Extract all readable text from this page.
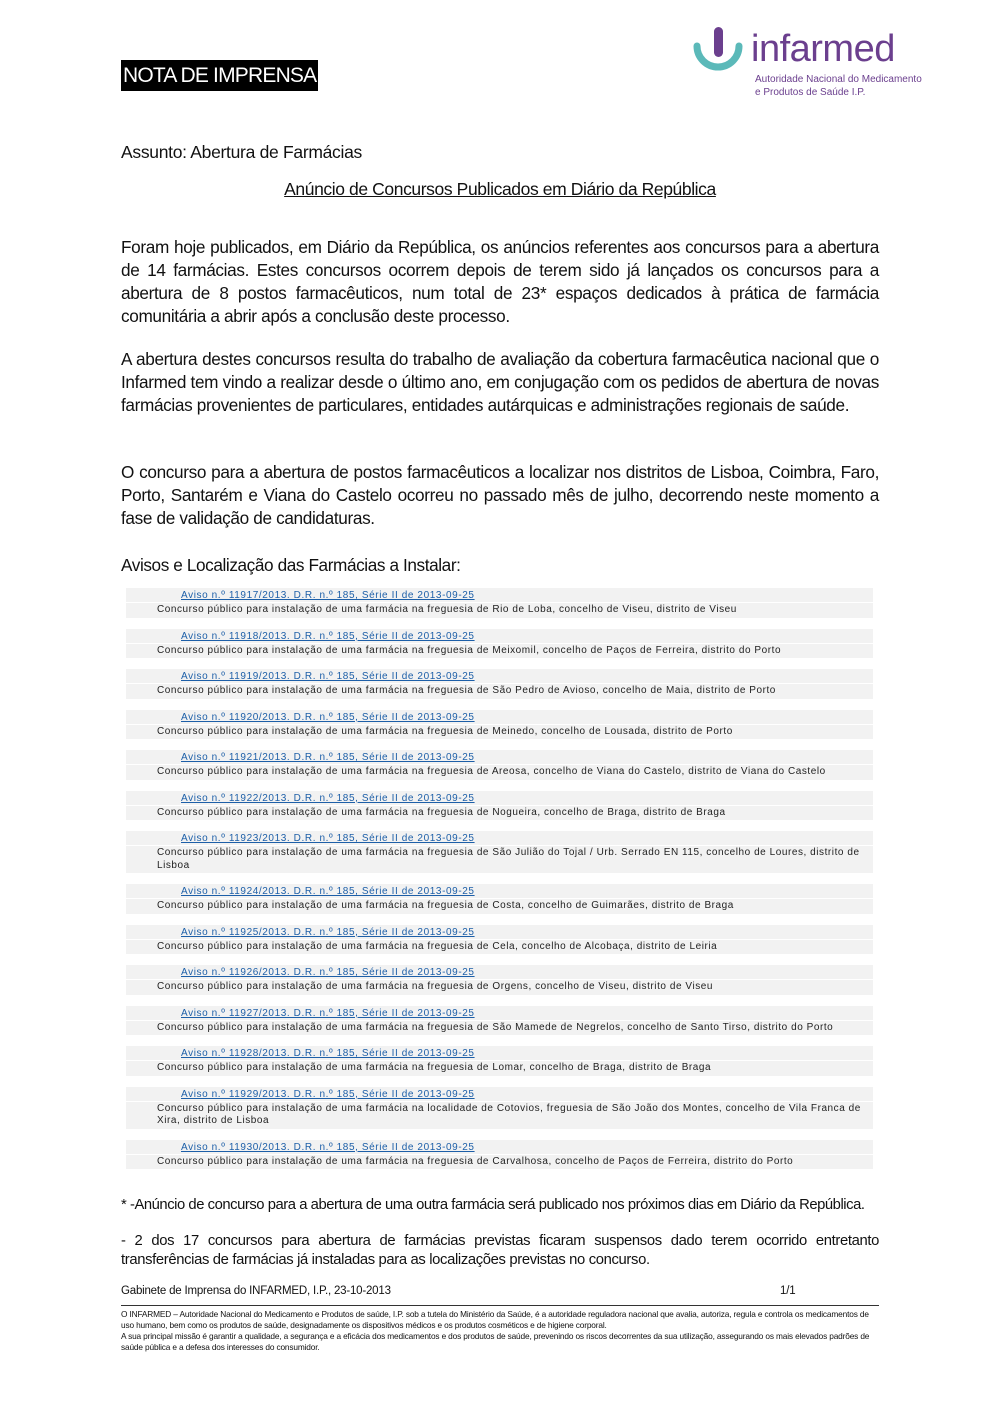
NOTA DE IMPRENSA
infarmed
Autoridade Nacional do Medicamento
e Produtos de Saúde I.P.
Assunto: Abertura de Farmácias
Anúncio de Concursos Publicados em Diário da República

Foram hoje publicados, em Diário da República, os anúncios referentes aos concursos para a abertura de 14 farmácias. Estes concursos ocorrem depois de terem sido já lançados os concursos para a abertura de 8 postos farmacêuticos, num total de 23* espaços dedicados à prática de farmácia comunitária a abrir após a conclusão deste processo.

A abertura destes concursos resulta do trabalho de avaliação da cobertura farmacêutica nacional que o Infarmed tem vindo a realizar desde o último ano, em conjugação com os pedidos de abertura de novas farmácias provenientes de particulares, entidades autárquicas e administrações regionais de saúde.

O concurso para a abertura de postos farmacêuticos a localizar nos distritos de Lisboa, Coimbra, Faro, Porto, Santarém e Viana do Castelo ocorreu no passado mês de julho, decorrendo neste momento a fase de validação de candidaturas.

Avisos e Localização das Farmácias a Instalar:
Aviso n.º 11917/2013. D.R. n.º 185, Série II de 2013-09-25
Concurso público para instalação de uma farmácia na freguesia de Rio de Loba, concelho de Viseu, distrito de Viseu
Aviso n.º 11918/2013. D.R. n.º 185, Série II de 2013-09-25
Concurso público para instalação de uma farmácia na freguesia de Meixomil, concelho de Paços de Ferreira, distrito do Porto
Aviso n.º 11919/2013. D.R. n.º 185, Série II de 2013-09-25
Concurso público para instalação de uma farmácia na freguesia de São Pedro de Avioso, concelho de Maia, distrito de Porto
Aviso n.º 11920/2013. D.R. n.º 185, Série II de 2013-09-25
Concurso público para instalação de uma farmácia na freguesia de Meinedo, concelho de Lousada, distrito de Porto
Aviso n.º 11921/2013. D.R. n.º 185, Série II de 2013-09-25
Concurso público para instalação de uma farmácia na freguesia de Areosa, concelho de Viana do Castelo, distrito de Viana do Castelo
Aviso n.º 11922/2013. D.R. n.º 185, Série II de 2013-09-25
Concurso público para instalação de uma farmácia na freguesia de Nogueira, concelho de Braga, distrito de Braga
Aviso n.º 11923/2013. D.R. n.º 185, Série II de 2013-09-25
Concurso público para instalação de uma farmácia na freguesia de São Julião do Tojal / Urb. Serrado EN 115, concelho de Loures, distrito de Lisboa
Aviso n.º 11924/2013. D.R. n.º 185, Série II de 2013-09-25
Concurso público para instalação de uma farmácia na freguesia de Costa, concelho de Guimarães, distrito de Braga
Aviso n.º 11925/2013. D.R. n.º 185, Série II de 2013-09-25
Concurso público para instalação de uma farmácia na freguesia de Cela, concelho de Alcobaça, distrito de Leiria
Aviso n.º 11926/2013. D.R. n.º 185, Série II de 2013-09-25
Concurso público para instalação de uma farmácia na freguesia de Orgens, concelho de Viseu, distrito de Viseu
Aviso n.º 11927/2013. D.R. n.º 185, Série II de 2013-09-25
Concurso público para instalação de uma farmácia na freguesia de São Mamede de Negrelos, concelho de Santo Tirso, distrito do Porto
Aviso n.º 11928/2013. D.R. n.º 185, Série II de 2013-09-25
Concurso público para instalação de uma farmácia na freguesia de Lomar, concelho de Braga, distrito de Braga
Aviso n.º 11929/2013. D.R. n.º 185, Série II de 2013-09-25
Concurso público para instalação de uma farmácia na localidade de Cotovios, freguesia de São João dos Montes, concelho de Vila Franca de Xira, distrito de Lisboa
Aviso n.º 11930/2013. D.R. n.º 185, Série II de 2013-09-25
Concurso público para instalação de uma farmácia na freguesia de Carvalhosa, concelho de Paços de Ferreira, distrito do Porto
* -Anúncio de concurso para a abertura de uma outra farmácia será publicado nos próximos dias em Diário da República.

- 2 dos 17 concursos para abertura de farmácias previstas ficaram suspensos dado terem ocorrido entretanto transferências de farmácias já instaladas para as localizações previstas no concurso.

Gabinete de Imprensa do INFARMED, I.P., 23-10-2013	1/1
O INFARMED – Autoridade Nacional do Medicamento e Produtos de saúde, I.P. sob a tutela do Ministério da Saúde, é a autoridade reguladora nacional que avalia, autoriza, regula e controla os medicamentos de uso humano, bem como os produtos de saúde, designadamente os dispositivos médicos e os produtos cosméticos e de higiene corporal.
A sua principal missão é garantir a qualidade, a segurança e a eficácia dos medicamentos e dos produtos de saúde, prevenindo os riscos decorrentes da sua utilização, assegurando os mais elevados padrões de saúde pública e a defesa dos interesses do consumidor.
